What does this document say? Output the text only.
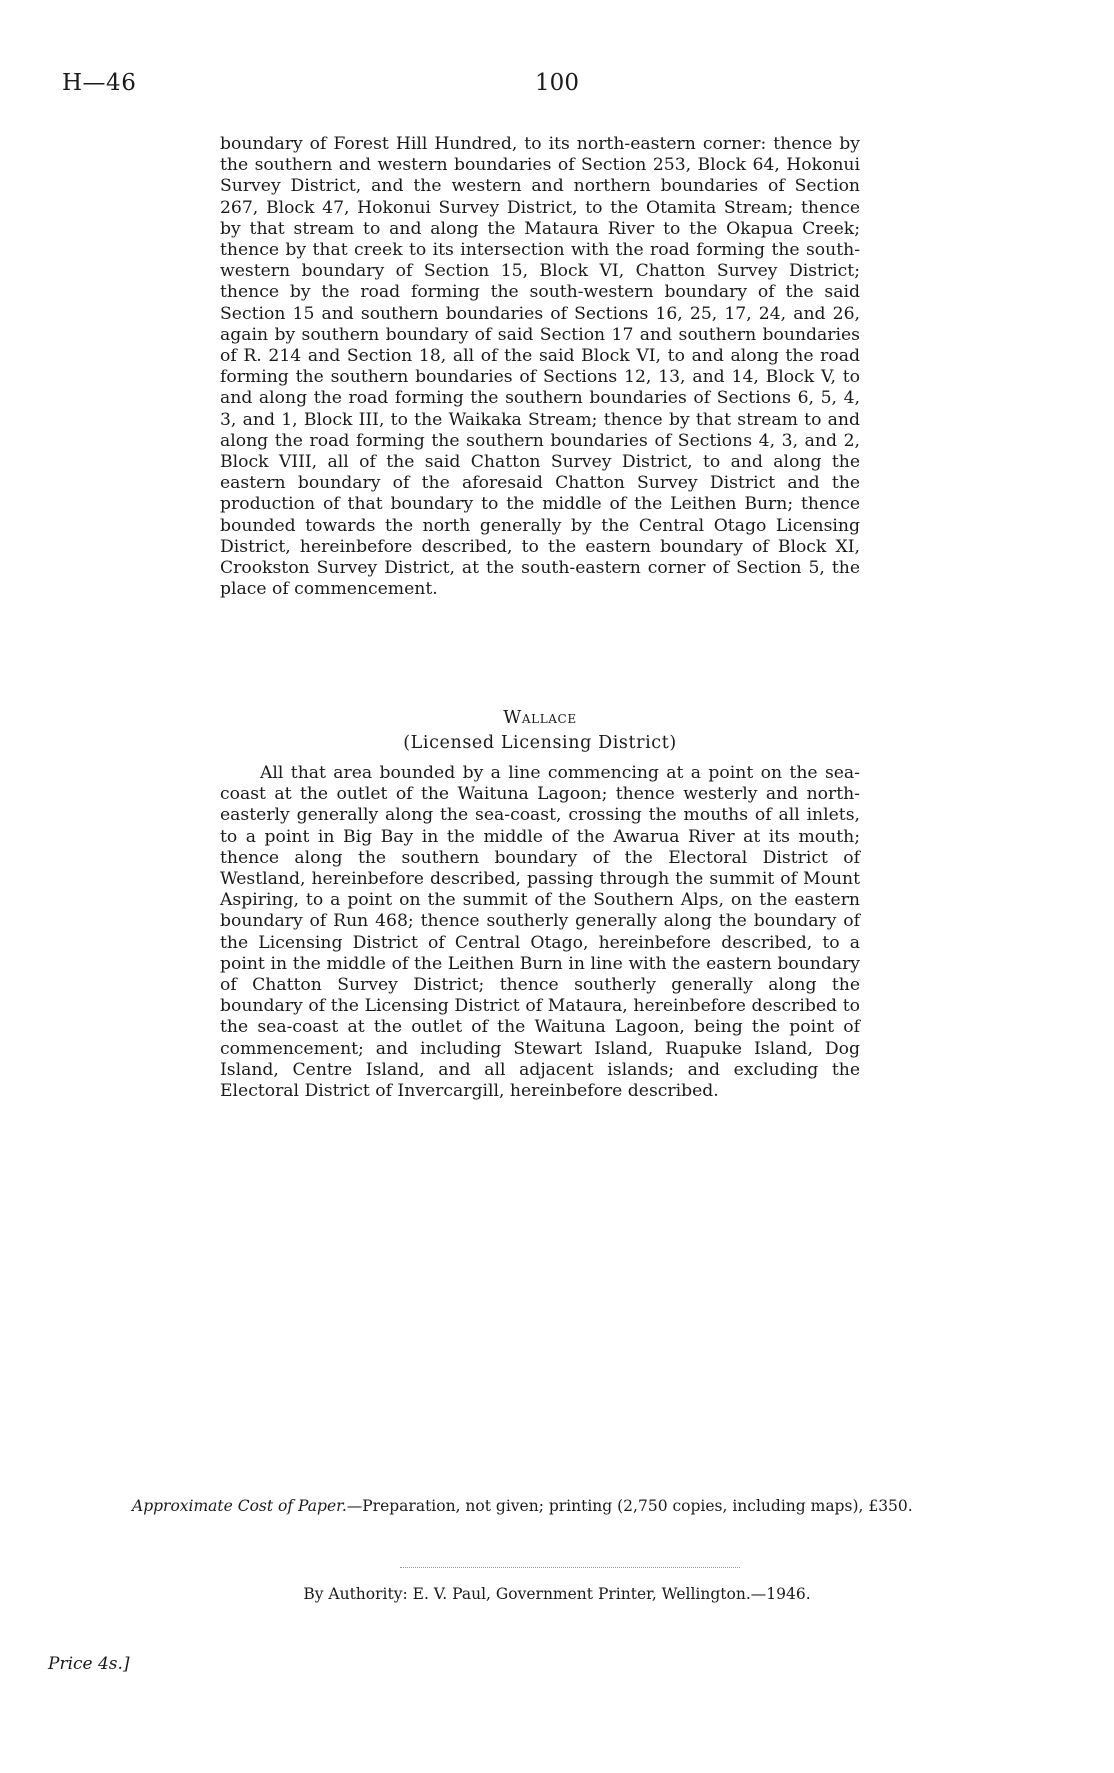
H—46	100

boundary of Forest Hill Hundred, to its north-eastern corner: thence by the southern and western boundaries of Section 253, Block 64, Hokonui Survey District, and the western and northern boundaries of Section 267, Block 47, Hokonui Survey District, to the Otamita Stream; thence by that stream to and along the Mataura River to the Okapua Creek; thence by that creek to its intersection with the road forming the south-western boundary of Section 15, Block VI, Chatton Survey District; thence by the road forming the south-western boundary of the said Section 15 and southern boundaries of Sections 16, 25, 17, 24, and 26, again by southern boundary of said Section 17 and southern boundaries of R. 214 and Section 18, all of the said Block VI, to and along the road forming the southern boundaries of Sections 12, 13, and 14, Block V, to and along the road forming the southern boundaries of Sections 6, 5, 4, 3, and 1, Block III, to the Waikaka Stream; thence by that stream to and along the road forming the southern boundaries of Sections 4, 3, and 2, Block VIII, all of the said Chatton Survey District, to and along the eastern boundary of the aforesaid Chatton Survey District and the production of that boundary to the middle of the Leithen Burn; thence bounded towards the north generally by the Central Otago Licensing District, hereinbefore described, to the eastern boundary of Block XI, Crookston Survey District, at the south-eastern corner of Section 5, the place of commencement.

Wallace
(Licensed Licensing District)

All that area bounded by a line commencing at a point on the sea-coast at the outlet of the Waituna Lagoon; thence westerly and north-easterly generally along the sea-coast, crossing the mouths of all inlets, to a point in Big Bay in the middle of the Awarua River at its mouth; thence along the southern boundary of the Electoral District of Westland, hereinbefore described, passing through the summit of Mount Aspiring, to a point on the summit of the Southern Alps, on the eastern boundary of Run 468; thence southerly generally along the boundary of the Licensing District of Central Otago, hereinbefore described, to a point in the middle of the Leithen Burn in line with the eastern boundary of Chatton Survey District; thence southerly generally along the boundary of the Licensing District of Mataura, hereinbefore described to the sea-coast at the outlet of the Waituna Lagoon, being the point of commencement; and including Stewart Island, Ruapuke Island, Dog Island, Centre Island, and all adjacent islands; and excluding the Electoral District of Invercargill, hereinbefore described.

Approximate Cost of Paper.—Preparation, not given; printing (2,750 copies, including maps), £350.
By Authority: E. V. Paul, Government Printer, Wellington.—1946.
Price 4s.]
